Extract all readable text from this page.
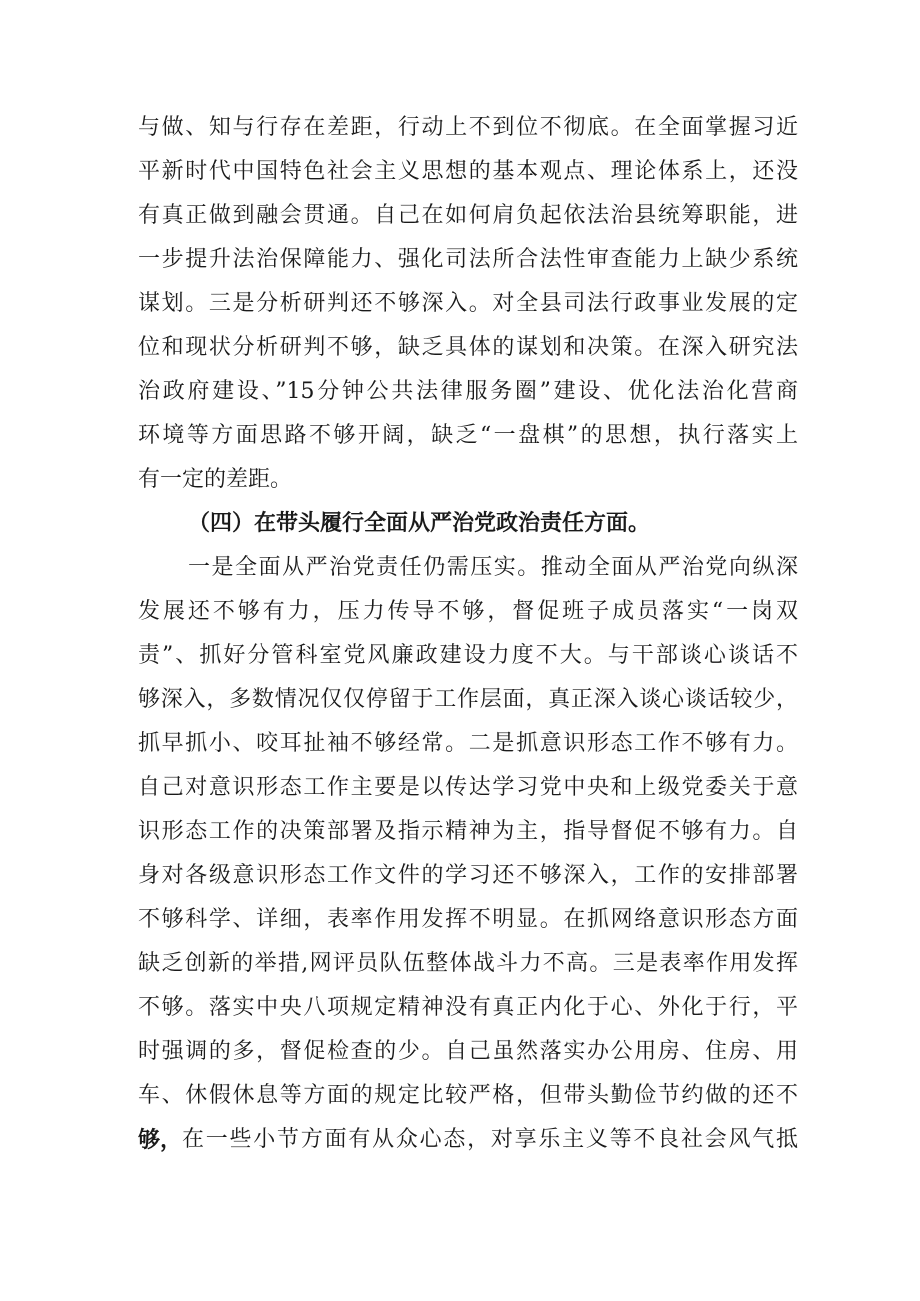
与做、知与行存在差距，行动上不到位不彻底。在全面掌握习近
平新时代中国特色社会主义思想的基本观点、理论体系上，还没
有真正做到融会贯通。自己在如何肩负起依法治县统筹职能，进
一步提升法治保障能力、强化司法所合法性审查能力上缺少系统
谋划。三是分析研判还不够深入。对全县司法行政事业发展的定
位和现状分析研判不够，缺乏具体的谋划和决策。在深入研究法
治政府建设、”15分钟公共法律服务圈”建设、优化法治化营商
环境等方面思路不够开阔，缺乏“一盘棋”的思想，执行落实上
有一定的差距。
（四）在带头履行全面从严治党政治责任方面。
一是全面从严治党责任仍需压实。推动全面从严治党向纵深
发展还不够有力，压力传导不够，督促班子成员落实“一岗双
责”、抓好分管科室党风廉政建设力度不大。与干部谈心谈话不
够深入，多数情况仅仅停留于工作层面，真正深入谈心谈话较少，
抓早抓小、咬耳扯袖不够经常。二是抓意识形态工作不够有力。
自己对意识形态工作主要是以传达学习党中央和上级党委关于意
识形态工作的决策部署及指示精神为主，指导督促不够有力。自
身对各级意识形态工作文件的学习还不够深入，工作的安排部署
不够科学、详细，表率作用发挥不明显。在抓网络意识形态方面
缺乏创新的举措,网评员队伍整体战斗力不高。三是表率作用发挥
不够。落实中央八项规定精神没有真正内化于心、外化于行，平
时强调的多，督促检查的少。自己虽然落实办公用房、住房、用
车、休假休息等方面的规定比较严格，但带头勤俭节约做的还不
够， 在一些小节方面有从众心态，对享乐主义等不良社会风气抵
